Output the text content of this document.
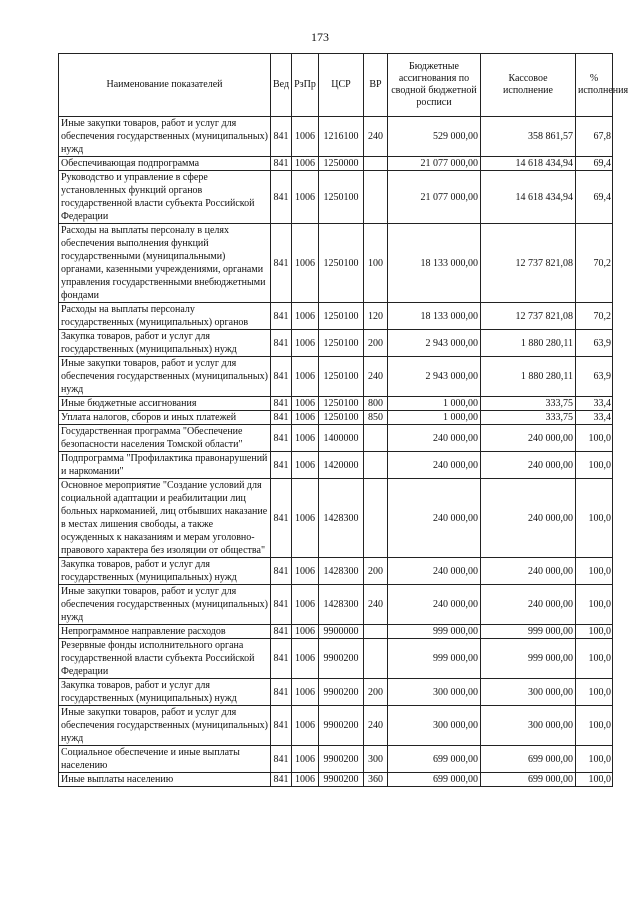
173
Наименование показателей	Вед	РзПр	ЦСР	ВР	Бюджетные ассигнования по сводной бюджетной росписи	Кассовое исполнение	% исполнения
Иные закупки товаров, работ и услуг для обеспечения государственных (муниципальных) нужд	841	1006	1216100	240	529 000,00	358 861,57	67,8
Обеспечивающая подпрограмма	841	1006	1250000		21 077 000,00	14 618 434,94	69,4
Руководство и управление в сфере установленных функций органов государственной власти субъекта Российской Федерации	841	1006	1250100		21 077 000,00	14 618 434,94	69,4
Расходы на выплаты персоналу в целях обеспечения выполнения функций государственными (муниципальными) органами, казенными учреждениями, органами управления государственными внебюджетными фондами	841	1006	1250100	100	18 133 000,00	12 737 821,08	70,2
Расходы на выплаты персоналу государственных (муниципальных) органов	841	1006	1250100	120	18 133 000,00	12 737 821,08	70,2
Закупка товаров, работ и услуг для государственных (муниципальных) нужд	841	1006	1250100	200	2 943 000,00	1 880 280,11	63,9
Иные закупки товаров, работ и услуг для обеспечения государственных (муниципальных) нужд	841	1006	1250100	240	2 943 000,00	1 880 280,11	63,9
Иные бюджетные ассигнования	841	1006	1250100	800	1 000,00	333,75	33,4
Уплата налогов, сборов и иных платежей	841	1006	1250100	850	1 000,00	333,75	33,4
Государственная программа "Обеспечение безопасности населения Томской области"	841	1006	1400000		240 000,00	240 000,00	100,0
Подпрограмма "Профилактика правонарушений и наркомании"	841	1006	1420000		240 000,00	240 000,00	100,0
Основное мероприятие "Создание условий для социальной адаптации и реабилитации лиц больных наркоманией, лиц отбывших наказание в местах лишения свободы, а также осужденных к наказаниям и мерам уголовно-правового характера без изоляции от общества"	841	1006	1428300		240 000,00	240 000,00	100,0
Закупка товаров, работ и услуг для государственных (муниципальных) нужд	841	1006	1428300	200	240 000,00	240 000,00	100,0
Иные закупки товаров, работ и услуг для обеспечения государственных (муниципальных) нужд	841	1006	1428300	240	240 000,00	240 000,00	100,0
Непрограммное направление расходов	841	1006	9900000		999 000,00	999 000,00	100,0
Резервные фонды исполнительного органа государственной власти субъекта Российской Федерации	841	1006	9900200		999 000,00	999 000,00	100,0
Закупка товаров, работ и услуг для государственных (муниципальных) нужд	841	1006	9900200	200	300 000,00	300 000,00	100,0
Иные закупки товаров, работ и услуг для обеспечения государственных (муниципальных) нужд	841	1006	9900200	240	300 000,00	300 000,00	100,0
Социальное обеспечение и иные выплаты населению	841	1006	9900200	300	699 000,00	699 000,00	100,0
Иные выплаты населению	841	1006	9900200	360	699 000,00	699 000,00	100,0
